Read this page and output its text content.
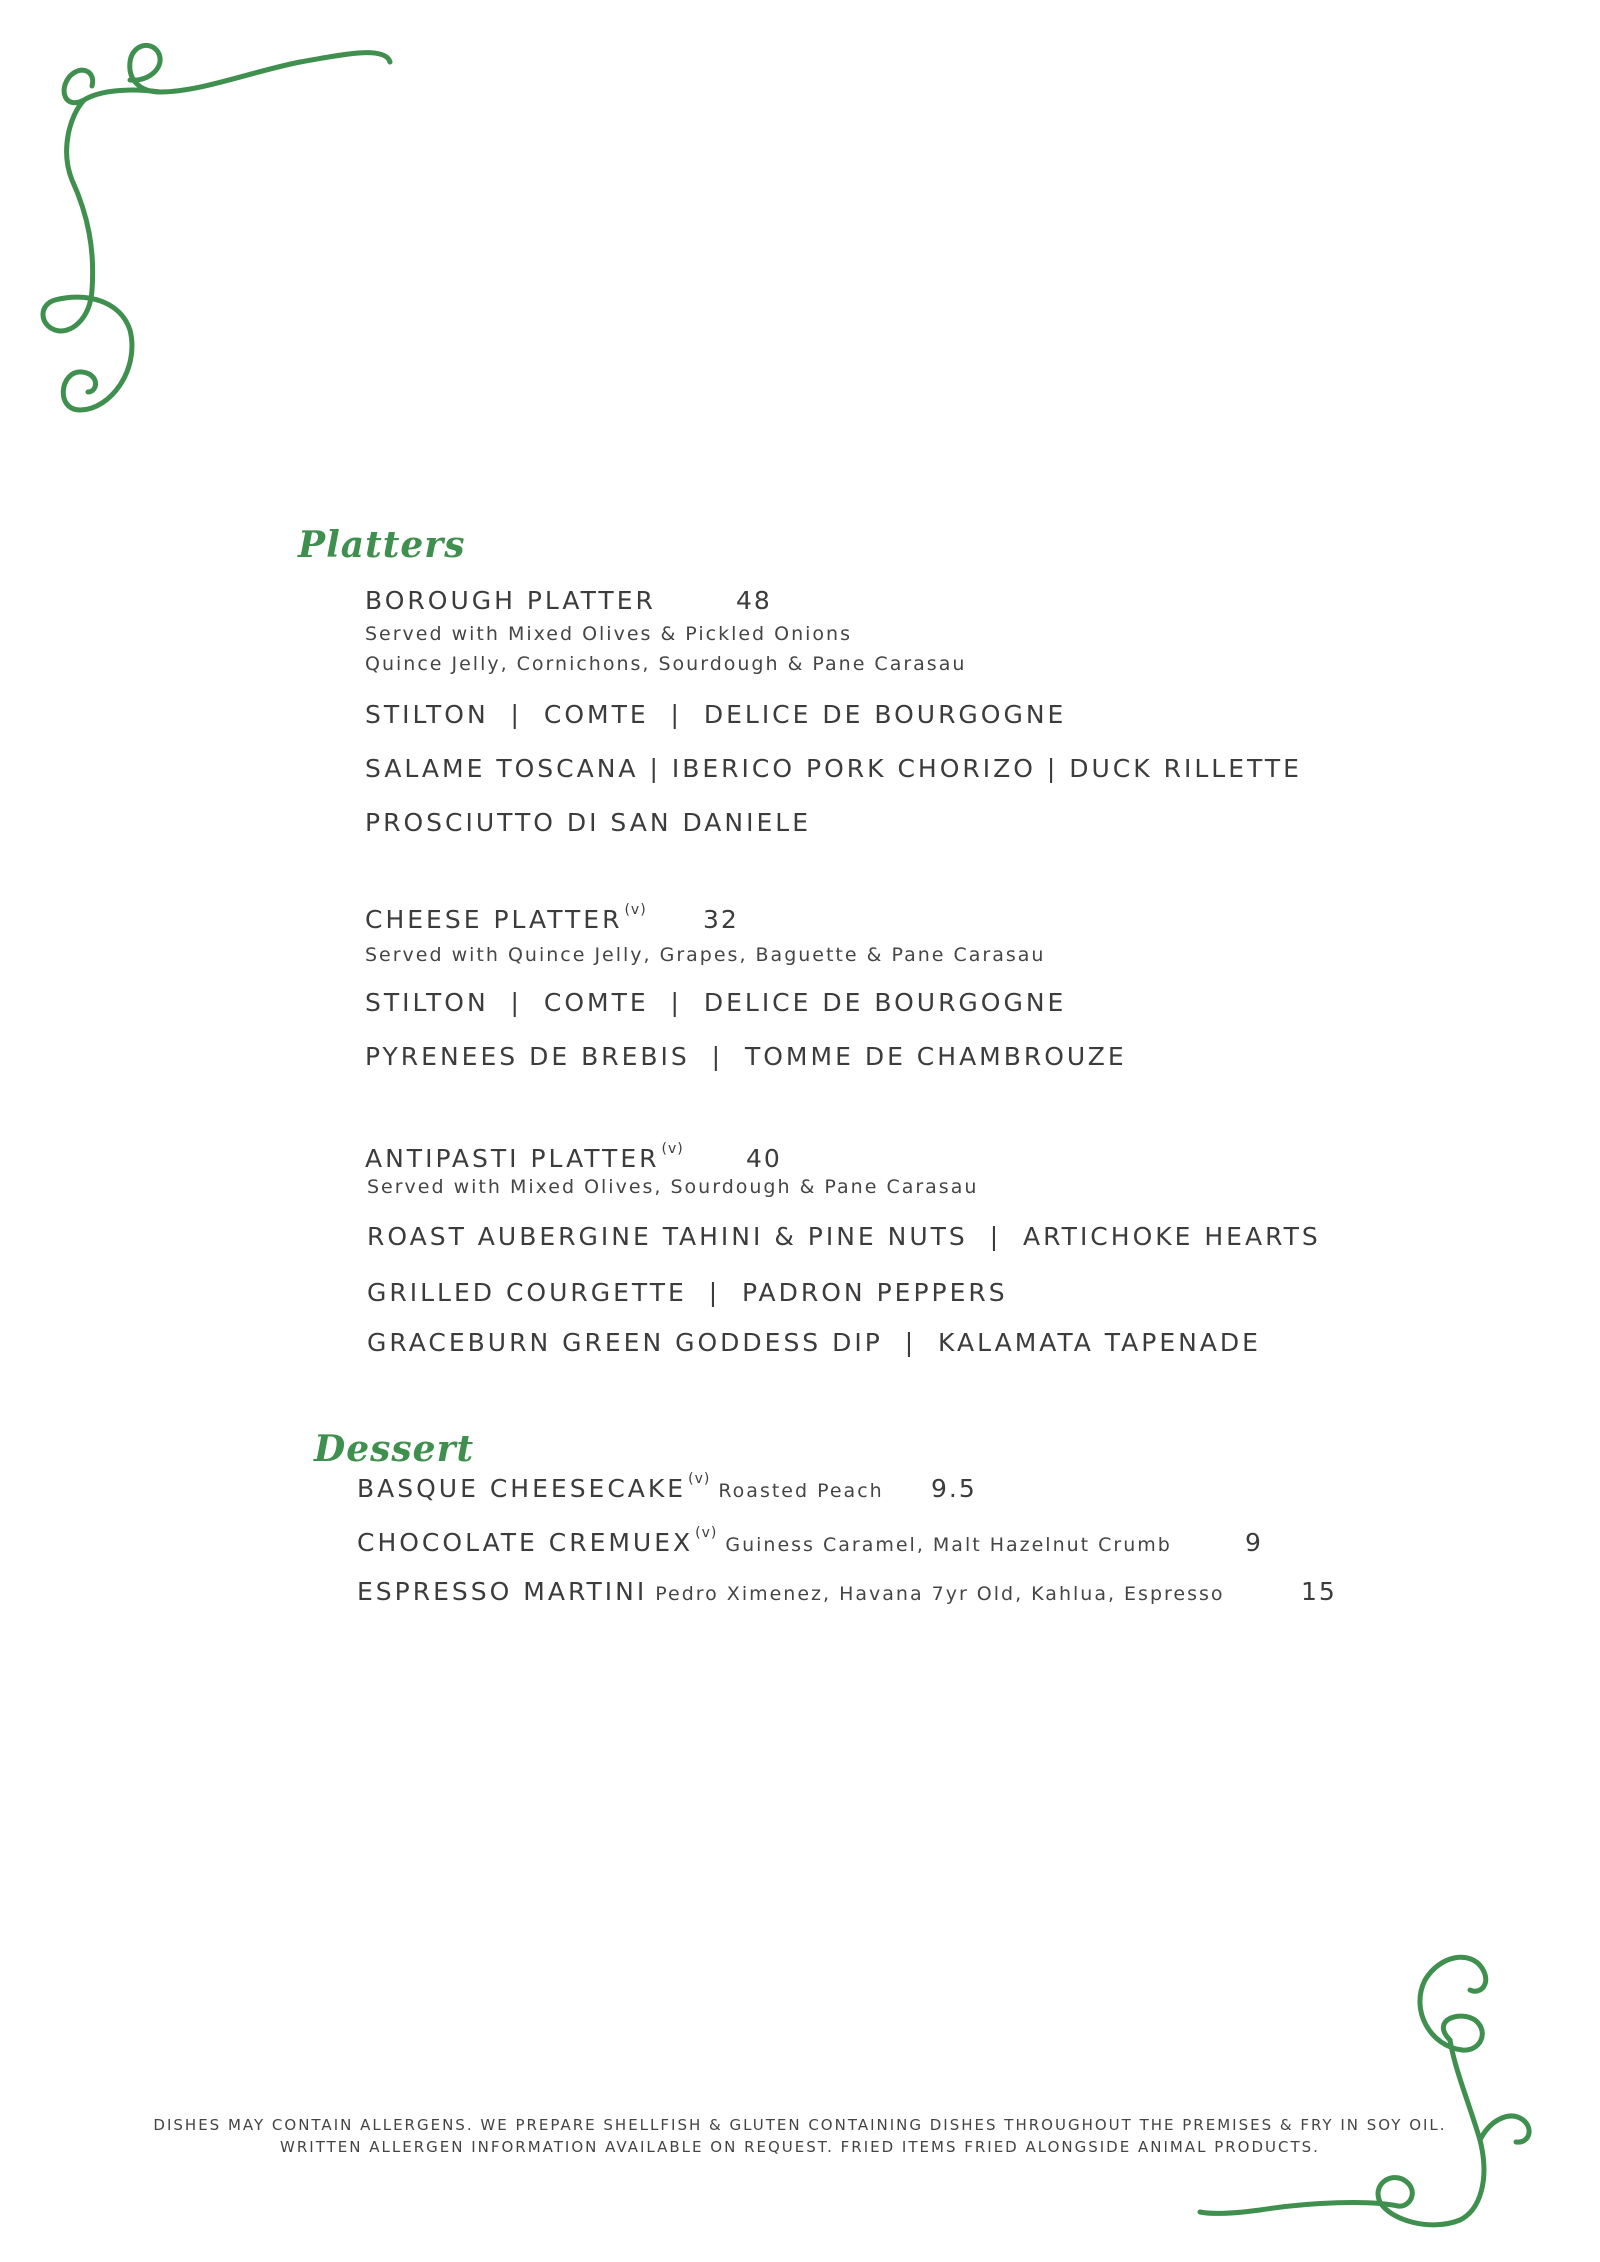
Platters
BOROUGH PLATTER	48
Served with Mixed Olives & Pickled Onions
Quince Jelly, Cornichons, Sourdough & Pane Carasau
STILTON  |  COMTE  |  DELICE DE BOURGOGNE
SALAME TOSCANA | IBERICO PORK CHORIZO | DUCK RILLETTE
PROSCIUTTO DI SAN DANIELE
CHEESE PLATTER $^{(v)}$ 32
Served with Quince Jelly, Grapes, Baguette & Pane Carasau
STILTON  |  COMTE  |  DELICE DE BOURGOGNE
PYRENEES DE BREBIS  |  TOMME DE CHAMBROUZE
ANTIPASTI PLATTER $^{(v)}$ 40
Served with Mixed Olives, Sourdough & Pane Carasau
ROAST AUBERGINE TAHINI & PINE NUTS  |  ARTICHOKE HEARTS
GRILLED COURGETTE  |  PADRON PEPPERS
GRACEBURN GREEN GODDESS DIP  |  KALAMATA TAPENADE
Dessert
BASQUE CHEESECAKE $^{(v)}$Roasted Peach 9.5
CHOCOLATE CREMUEX $^{(v)}$Guiness Caramel, Malt Hazelnut Crumb	9
ESPRESSO MARTINI Pedro Ximenez, Havana 7yr Old, Kahlua, Espresso	15
DISHES MAY CONTAIN ALLERGENS. WE PREPARE SHELLFISH & GLUTEN CONTAINING DISHES THROUGHOUT THE PREMISES & FRY IN SOY OIL.
WRITTEN ALLERGEN INFORMATION AVAILABLE ON REQUEST. FRIED ITEMS FRIED ALONGSIDE ANIMAL PRODUCTS.
